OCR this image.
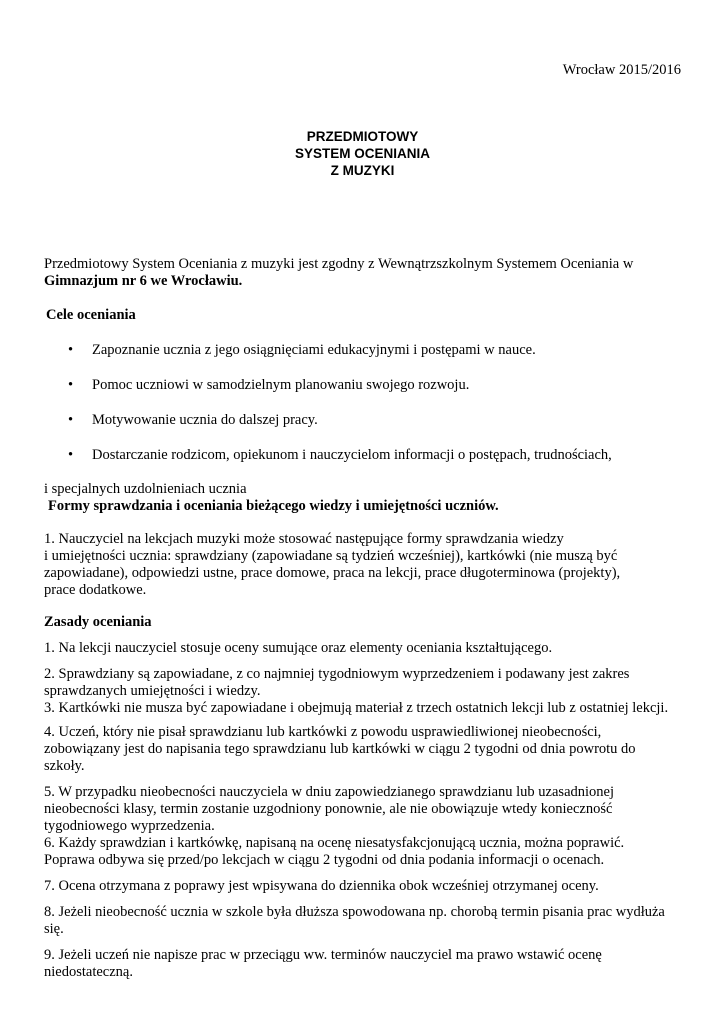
Wrocław 2015/2016

PRZEDMIOTOWY
SYSTEM OCENIANIA
Z MUZYKI

Przedmiotowy System Oceniania z muzyki jest zgodny z Wewnątrzszkolnym Systemem Oceniania w

Gimnazjum nr 6 we Wrocławiu.

Cele oceniania

• Zapoznanie ucznia z jego osiągnięciami edukacyjnymi i postępami w nauce.
• Pomoc uczniowi w samodzielnym planowaniu swojego rozwoju.
• Motywowanie ucznia do dalszej pracy.
• Dostarczanie rodzicom, opiekunom i nauczycielom informacji o postępach, trudnościach,

i specjalnych uzdolnieniach ucznia

Formy sprawdzania i oceniania bieżącego wiedzy i umiejętności uczniów.

1. Nauczyciel na lekcjach muzyki może stosować następujące formy sprawdzania wiedzy

i umiejętności ucznia: sprawdziany (zapowiadane są tydzień wcześniej), kartkówki (nie muszą być

zapowiadane), odpowiedzi ustne, prace domowe, praca na lekcji, prace długoterminowa (projekty),

prace dodatkowe.

Zasady oceniania

1. Na lekcji nauczyciel stosuje oceny sumujące oraz elementy oceniania kształtującego.

2. Sprawdziany są zapowiadane, z co najmniej tygodniowym wyprzedzeniem i podawany jest zakres

sprawdzanych umiejętności i wiedzy.

3. Kartkówki nie musza być zapowiadane i obejmują materiał z trzech ostatnich lekcji lub z ostatniej lekcji.

4. Uczeń, który nie pisał sprawdzianu lub kartkówki z powodu usprawiedliwionej nieobecności,

zobowiązany jest do napisania tego sprawdzianu lub kartkówki w ciągu 2 tygodni od dnia powrotu do

szkoły.

5. W przypadku nieobecności nauczyciela w dniu zapowiedzianego sprawdzianu lub uzasadnionej

nieobecności klasy, termin zostanie uzgodniony ponownie, ale nie obowiązuje wtedy konieczność

tygodniowego wyprzedzenia.

6. Każdy sprawdzian i kartkówkę, napisaną na ocenę niesatysfakcjonującą ucznia, można poprawić.

Poprawa odbywa się przed/po lekcjach w ciągu 2 tygodni od dnia podania informacji o ocenach.

7. Ocena otrzymana z poprawy jest wpisywana do dziennika obok wcześniej otrzymanej oceny.

8. Jeżeli nieobecność ucznia w szkole była dłuższa spowodowana np. chorobą termin pisania prac wydłuża

się.

9. Jeżeli uczeń nie napisze prac w przeciągu ww. terminów nauczyciel ma prawo wstawić ocenę

niedostateczną.
